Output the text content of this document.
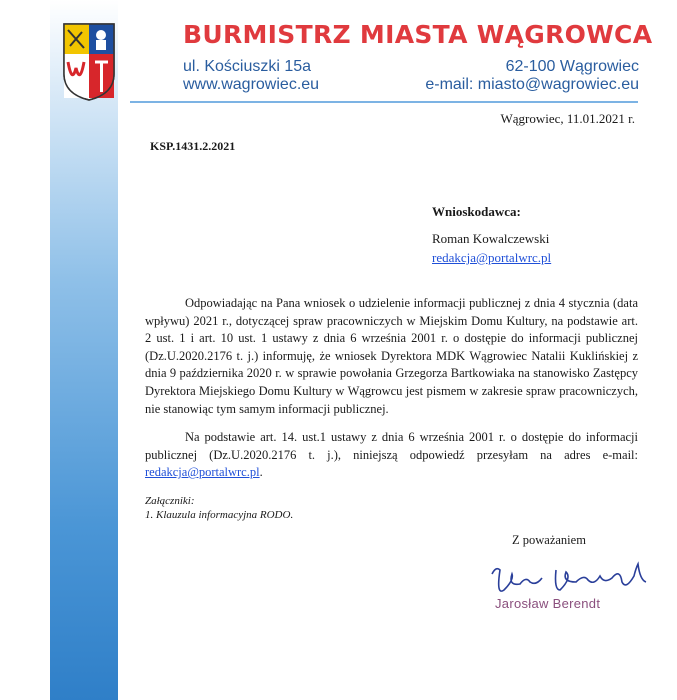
BURMISTRZ MIASTA WĄGROWCA
ul. Kościuszki 15a	62-100 Wągrowiec
www.wagrowiec.eu	e-mail: miasto@wagrowiec.eu
Wągrowiec, 11.01.2021 r.
KSP.1431.2.2021
Wnioskodawca:
Roman Kowalczewski
redakcja@portalwrc.pl

Odpowiadając na Pana wniosek o udzielenie informacji publicznej z dnia 4 stycznia (data wpływu) 2021 r., dotyczącej spraw pracowniczych w Miejskim Domu Kultury, na podstawie art. 2 ust. 1 i art. 10 ust. 1 ustawy z dnia 6 września 2001 r. o dostępie do informacji publicznej (Dz.U.2020.2176 t. j.) informuję, że wniosek Dyrektora MDK Wągrowiec Natalii Kuklińskiej z dnia 9 października 2020 r. w sprawie powołania Grzegorza Bartkowiaka na stanowisko Zastępcy Dyrektora Miejskiego Domu Kultury w Wągrowcu jest pismem w zakresie spraw pracowniczych, nie stanowiąc tym samym informacji publicznej.

Na podstawie art. 14. ust.1 ustawy z dnia 6 września 2001 r. o dostępie do informacji publicznej (Dz.U.2020.2176 t. j.), niniejszą odpowiedź przesyłam na adres e-mail: redakcja@portalwrc.pl.

Załączniki:
1. Klauzula informacyjna RODO.
Z poważaniem
Jarosław Berendt
